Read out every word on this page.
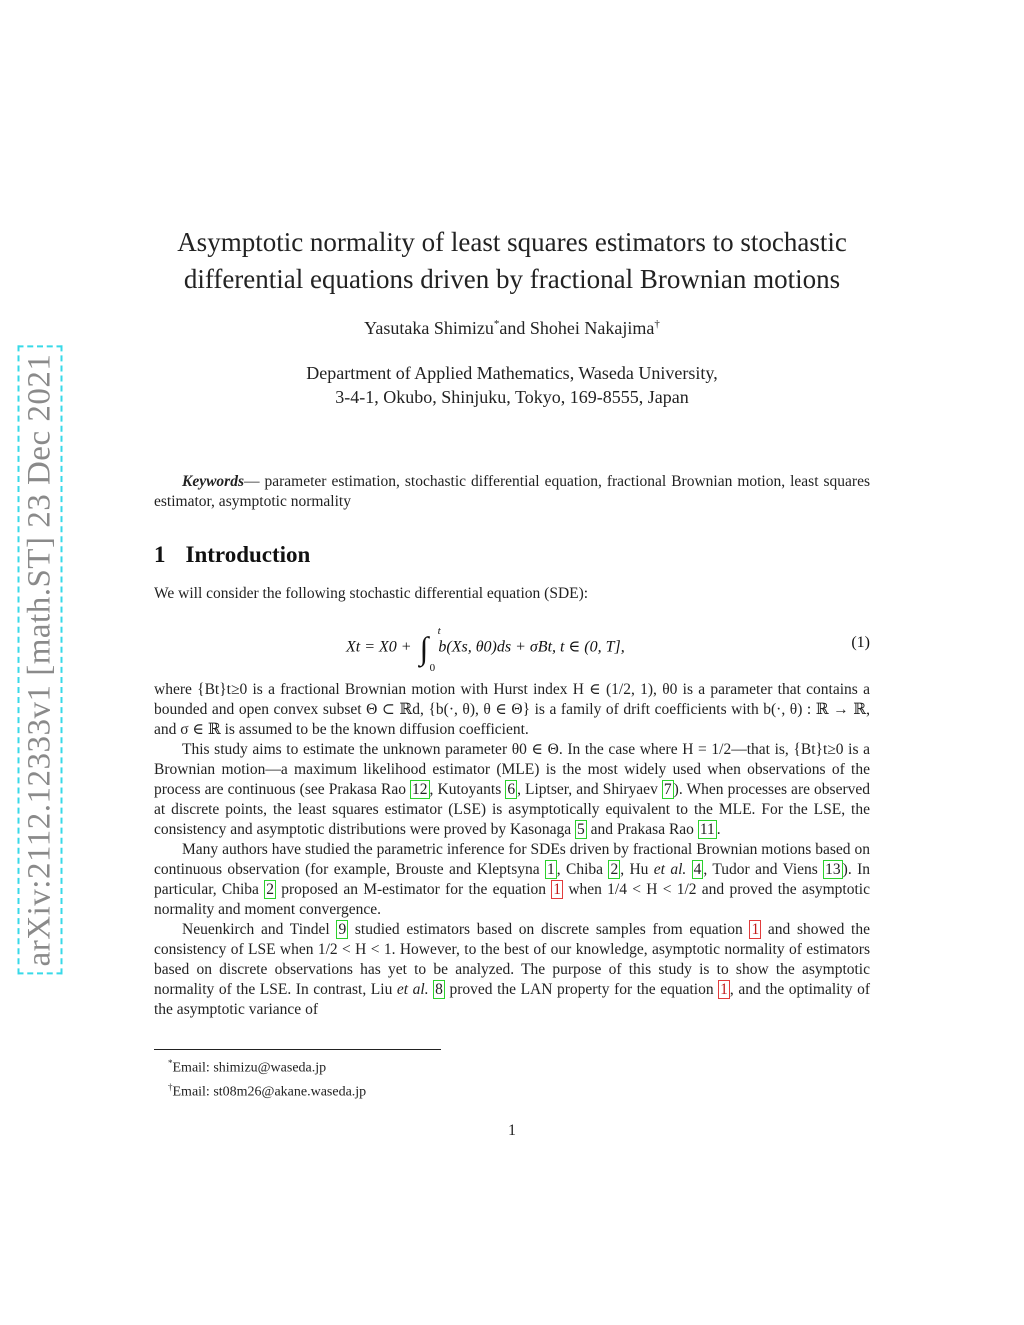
arXiv:2112.12333v1 [math.ST] 23 Dec 2021
Asymptotic normality of least squares estimators to stochastic differential equations driven by fractional Brownian motions
Yasutaka Shimizu*and Shohei Nakajima†
Department of Applied Mathematics, Waseda University,
3-4-1, Okubo, Shinjuku, Tokyo, 169-8555, Japan
Keywords— parameter estimation, stochastic differential equation, fractional Brownian motion, least squares estimator, asymptotic normality
1 Introduction
We will consider the following stochastic differential equation (SDE):
Xt = X0 + ∫ t
0
b(Xs, θ0)ds + σBt, t ∈ (0, T],	(1)

where {Bt}t≥0 is a fractional Brownian motion with Hurst index H ∈ (1/2, 1), θ0 is a parameter that contains a bounded and open convex subset Θ ⊂ ℝd, {b(·, θ), θ ∈ Θ} is a family of drift coefficients with b(·, θ) : ℝ → ℝ, and σ ∈ ℝ is assumed to be the known diffusion coefficient.

This study aims to estimate the unknown parameter θ0 ∈ Θ. In the case where H = 1/2—that is, {Bt}t≥0 is a Brownian motion—a maximum likelihood estimator (MLE) is the most widely used when observations of the process are continuous (see Prakasa Rao 12 , Kutoyants 6 , Liptser, and Shiryaev 7 ). When processes are observed at discrete points, the least squares estimator (LSE) is asymptotically equivalent to the MLE. For the LSE, the consistency and asymptotic distributions were proved by Kasonaga 5 and Prakasa Rao 11 .

Many authors have studied the parametric inference for SDEs driven by fractional Brownian motions based on continuous observation (for example, Brouste and Kleptsyna 1 , Chiba 2 , Hu et al. 4 , Tudor and Viens 13 ). In particular, Chiba 2 proposed an M-estimator for the equation 1 when 1/4 < H < 1/2 and proved the asymptotic normality and moment convergence.

Neuenkirch and Tindel 9 studied estimators based on discrete samples from equation 1 and showed the consistency of LSE when 1/2 < H < 1. However, to the best of our knowledge, asymptotic normality of estimators based on discrete observations has yet to be analyzed. The purpose of this study is to show the asymptotic normality of the LSE. In contrast, Liu et al. 8 proved the LAN property for the equation 1 , and the optimality of the asymptotic variance of

*Email: shimizu@waseda.jp
†Email: st08m26@akane.waseda.jp
1
